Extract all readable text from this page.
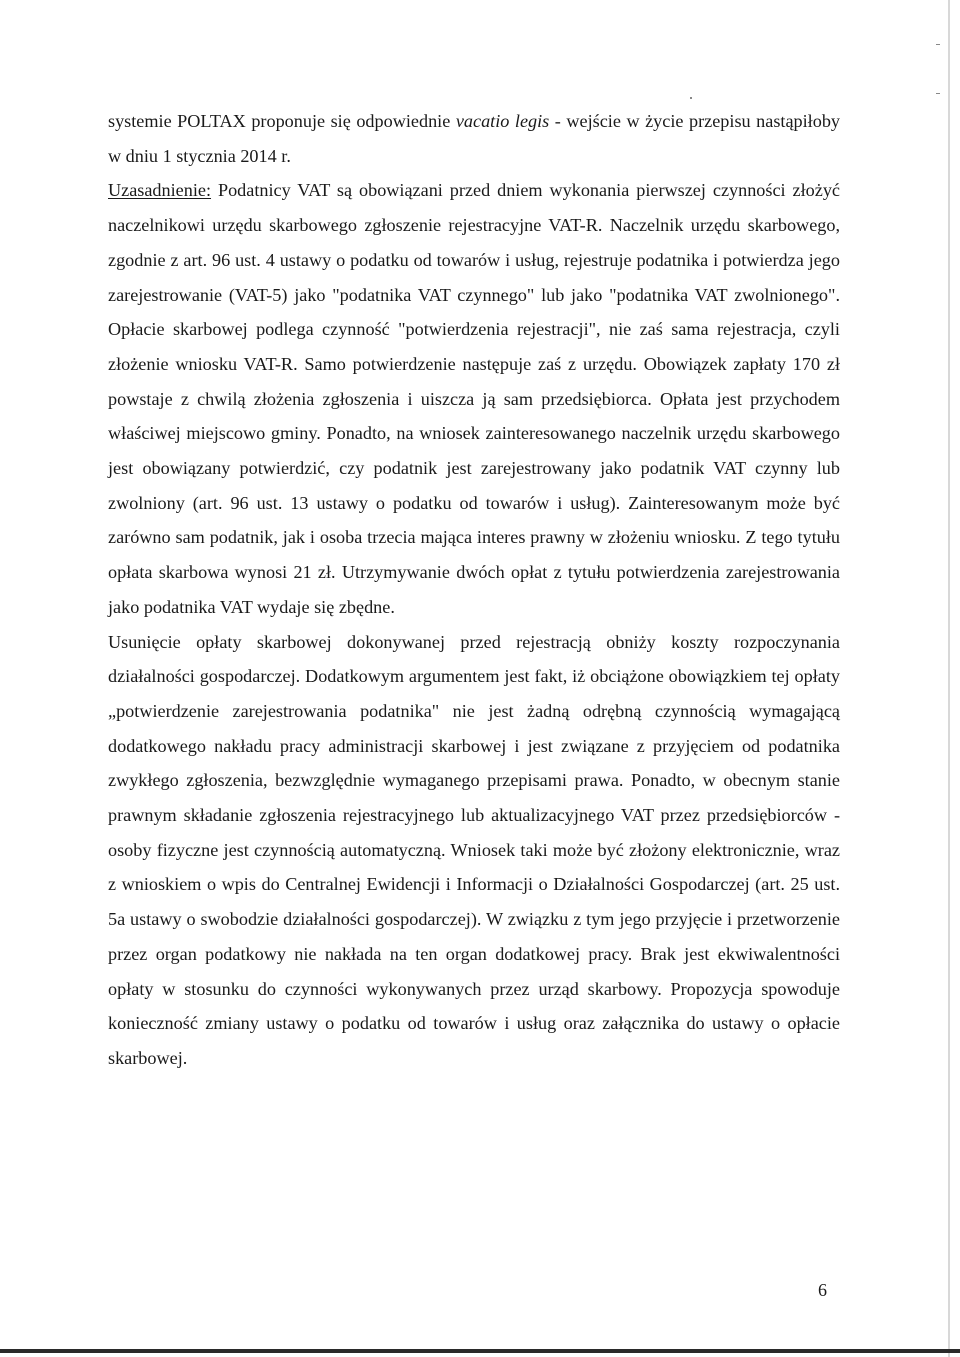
systemie POLTAX proponuje się odpowiednie vacatio legis - wejście w życie przepisu nastąpiłoby w dniu 1 stycznia 2014 r.

Uzasadnienie: Podatnicy VAT są obowiązani przed dniem wykonania pierwszej czynności złożyć naczelnikowi urzędu skarbowego zgłoszenie rejestracyjne VAT-R. Naczelnik urzędu skarbowego, zgodnie z art. 96 ust. 4 ustawy o podatku od towarów i usług, rejestruje podatnika i potwierdza jego zarejestrowanie (VAT-5) jako "podatnika VAT czynnego" lub jako "podatnika VAT zwolnionego". Opłacie skarbowej podlega czynność "potwierdzenia rejestracji", nie zaś sama rejestracja, czyli złożenie wniosku VAT-R. Samo potwierdzenie następuje zaś z urzędu. Obowiązek zapłaty 170 zł powstaje z chwilą złożenia zgłoszenia i uiszcza ją sam przedsiębiorca. Opłata jest przychodem właściwej miejscowo gminy. Ponadto, na wniosek zainteresowanego naczelnik urzędu skarbowego jest obowiązany potwierdzić, czy podatnik jest zarejestrowany jako podatnik VAT czynny lub zwolniony (art. 96 ust. 13 ustawy o podatku od towarów i usług). Zainteresowanym może być zarówno sam podatnik, jak i osoba trzecia mająca interes prawny w złożeniu wniosku. Z tego tytułu opłata skarbowa wynosi 21 zł. Utrzymywanie dwóch opłat z tytułu potwierdzenia zarejestrowania jako podatnika VAT wydaje się zbędne.

Usunięcie opłaty skarbowej dokonywanej przed rejestracją obniży koszty rozpoczynania działalności gospodarczej. Dodatkowym argumentem jest fakt, iż obciążone obowiązkiem tej opłaty „potwierdzenie zarejestrowania podatnika" nie jest żadną odrębną czynnością wymagającą dodatkowego nakładu pracy administracji skarbowej i jest związane z przyjęciem od podatnika zwykłego zgłoszenia, bezwzględnie wymaganego przepisami prawa. Ponadto, w obecnym stanie prawnym składanie zgłoszenia rejestracyjnego lub aktualizacyjnego VAT przez przedsiębiorców - osoby fizyczne jest czynnością automatyczną. Wniosek taki może być złożony elektronicznie, wraz z wnioskiem o wpis do Centralnej Ewidencji i Informacji o Działalności Gospodarczej (art. 25 ust. 5a ustawy o swobodzie działalności gospodarczej). W związku z tym jego przyjęcie i przetworzenie przez organ podatkowy nie nakłada na ten organ dodatkowej pracy. Brak jest ekwiwalentności opłaty w stosunku do czynności wykonywanych przez urząd skarbowy. Propozycja spowoduje konieczność zmiany ustawy o podatku od towarów i usług oraz załącznika do ustawy o opłacie skarbowej.

6
